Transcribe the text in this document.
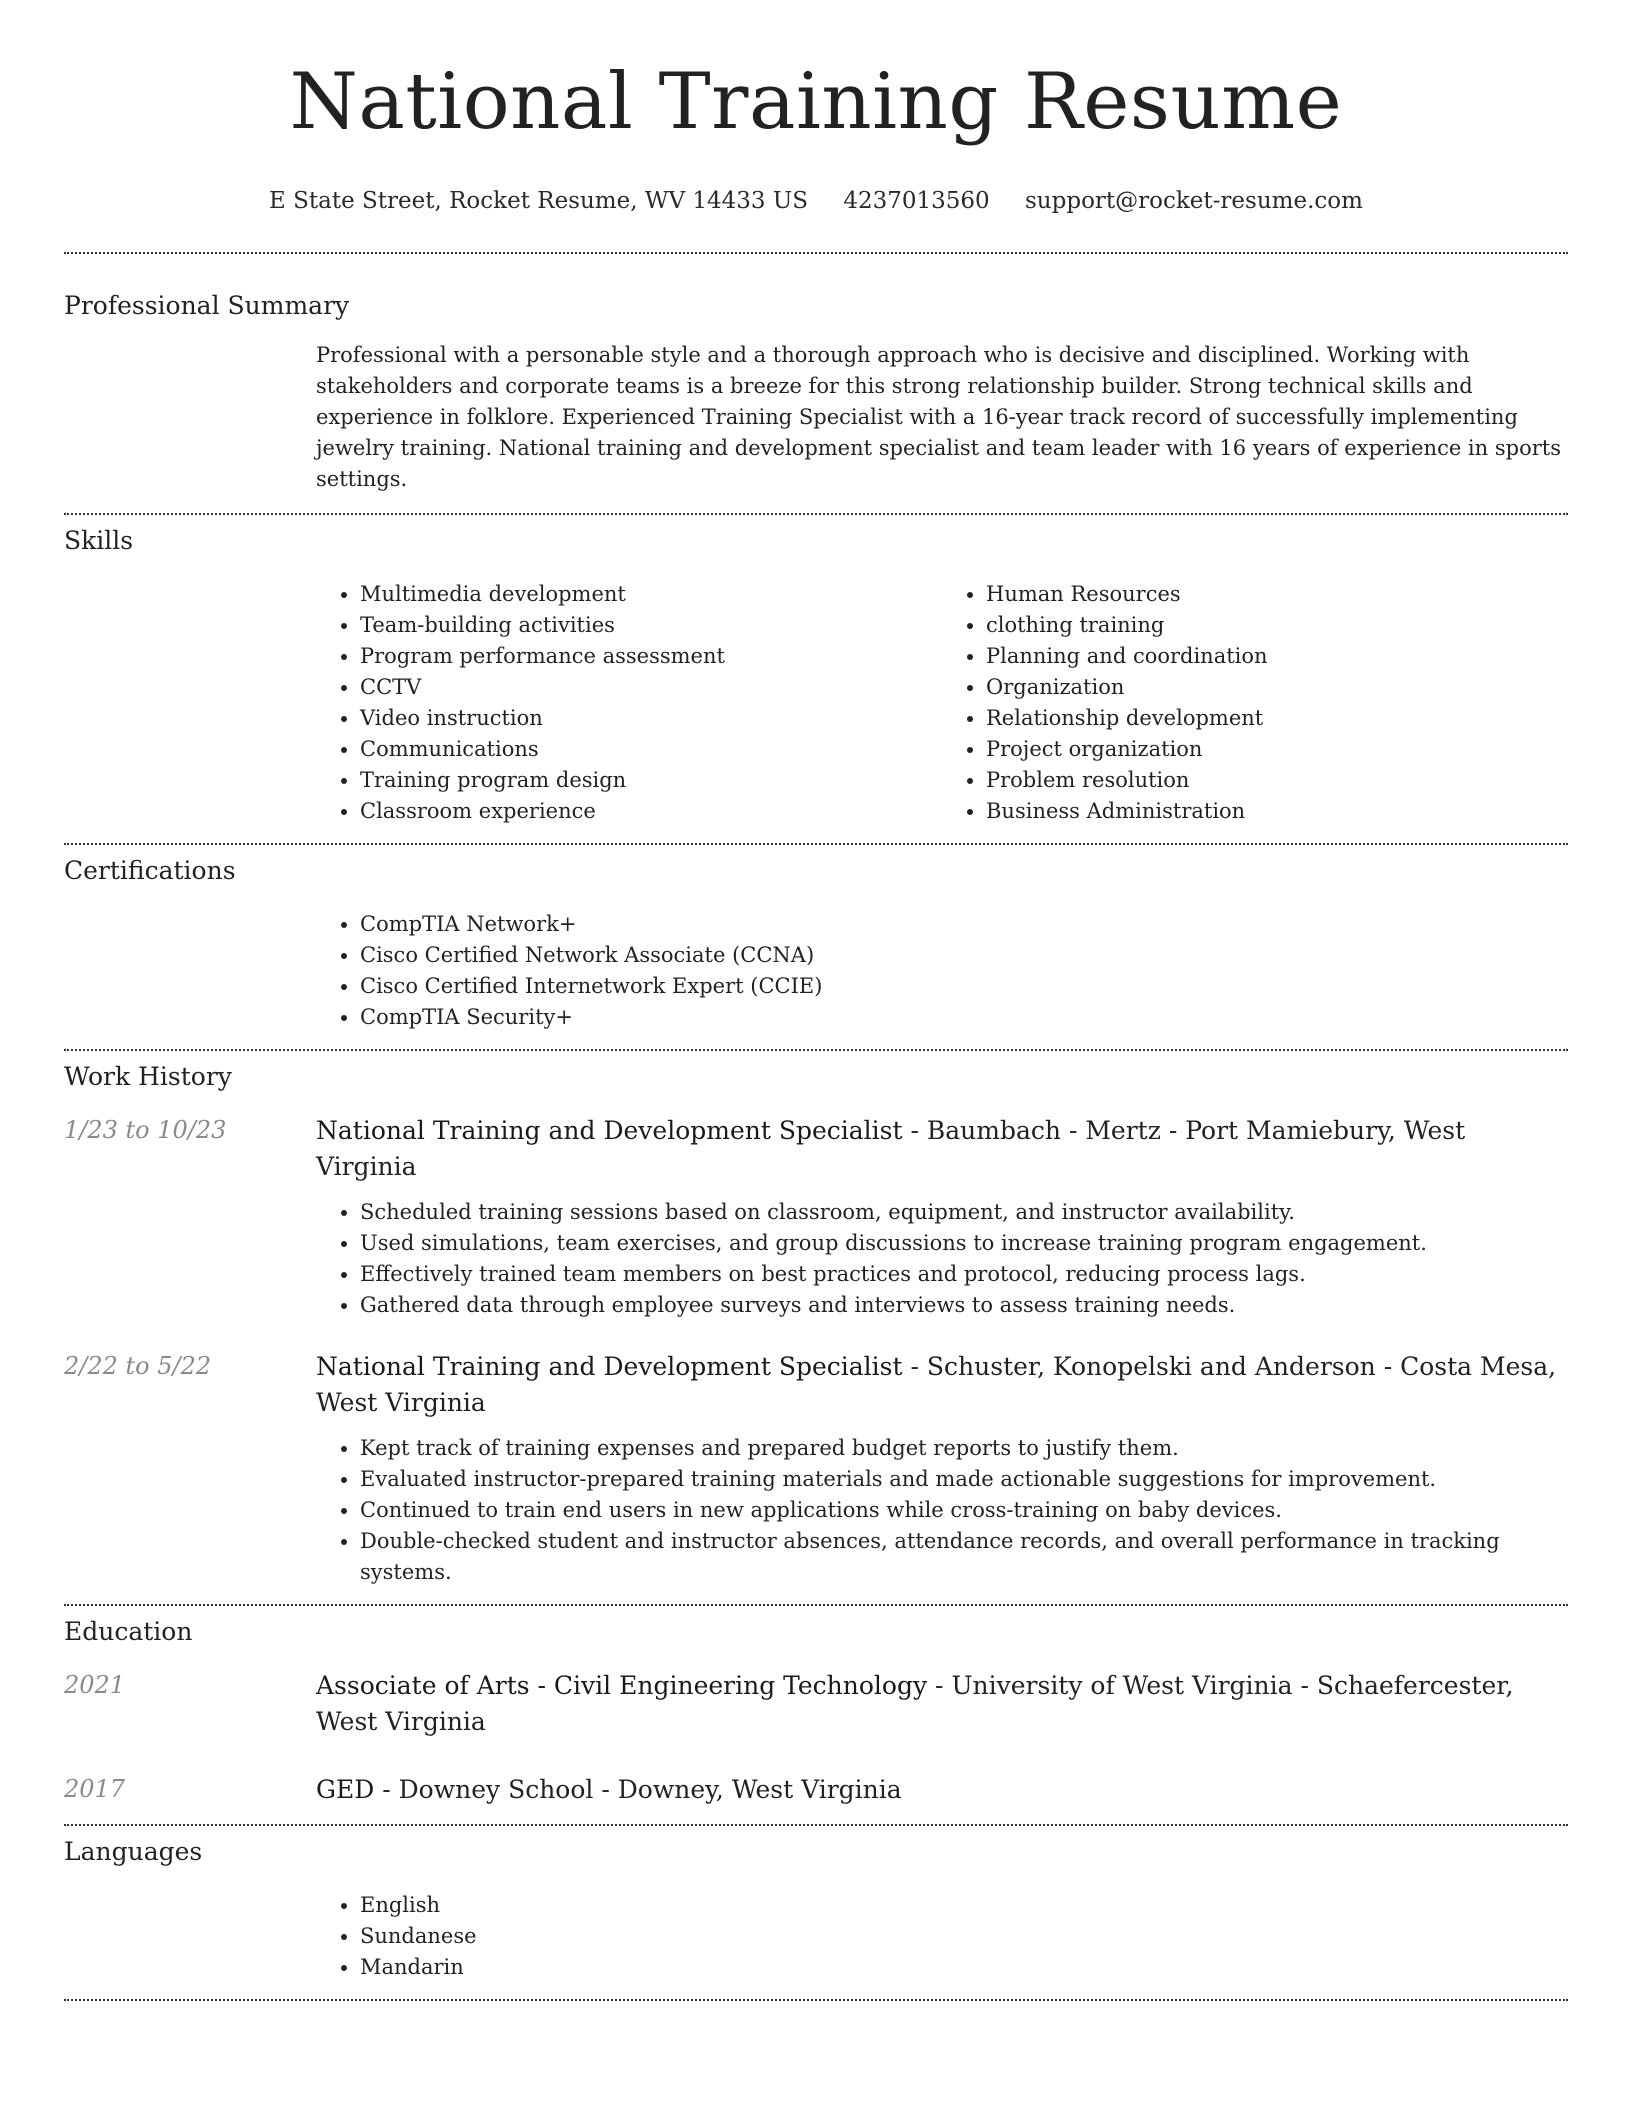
National Training Resume
E State Street, Rocket Resume, WV 14433 US 4237013560 support@rocket-resume.com
Professional Summary
Professional with a personable style and a thorough approach who is decisive and disciplined. Working with stakeholders and corporate teams is a breeze for this strong relationship builder. Strong technical skills and experience in folklore. Experienced Training Specialist with a 16-year track record of successfully implementing jewelry training. National training and development specialist and team leader with 16 years of experience in sports settings.
Skills
• Multimedia development
• Team-building activities
• Program performance assessment
• CCTV
• Video instruction
• Communications
• Training program design
• Classroom experience
• Human Resources
• clothing training
• Planning and coordination
• Organization
• Relationship development
• Project organization
• Problem resolution
• Business Administration
Certifications
• CompTIA Network+
• Cisco Certified Network Associate (CCNA)
• Cisco Certified Internetwork Expert (CCIE)
• CompTIA Security+
Work History
1/23 to 10/23	National Training and Development Specialist - Baumbach - Mertz - Port Mamiebury, West Virginia
• Scheduled training sessions based on classroom, equipment, and instructor availability.
• Used simulations, team exercises, and group discussions to increase training program engagement.
• Effectively trained team members on best practices and protocol, reducing process lags.
• Gathered data through employee surveys and interviews to assess training needs.
2/22 to 5/22	National Training and Development Specialist - Schuster, Konopelski and Anderson - Costa Mesa, West Virginia
• Kept track of training expenses and prepared budget reports to justify them.
• Evaluated instructor-prepared training materials and made actionable suggestions for improvement.
• Continued to train end users in new applications while cross-training on baby devices.
• Double-checked student and instructor absences, attendance records, and overall performance in tracking systems.
Education
2021	Associate of Arts - Civil Engineering Technology - University of West Virginia - Schaefercester, West Virginia
2017	GED - Downey School - Downey, West Virginia
Languages
• English
• Sundanese
• Mandarin
